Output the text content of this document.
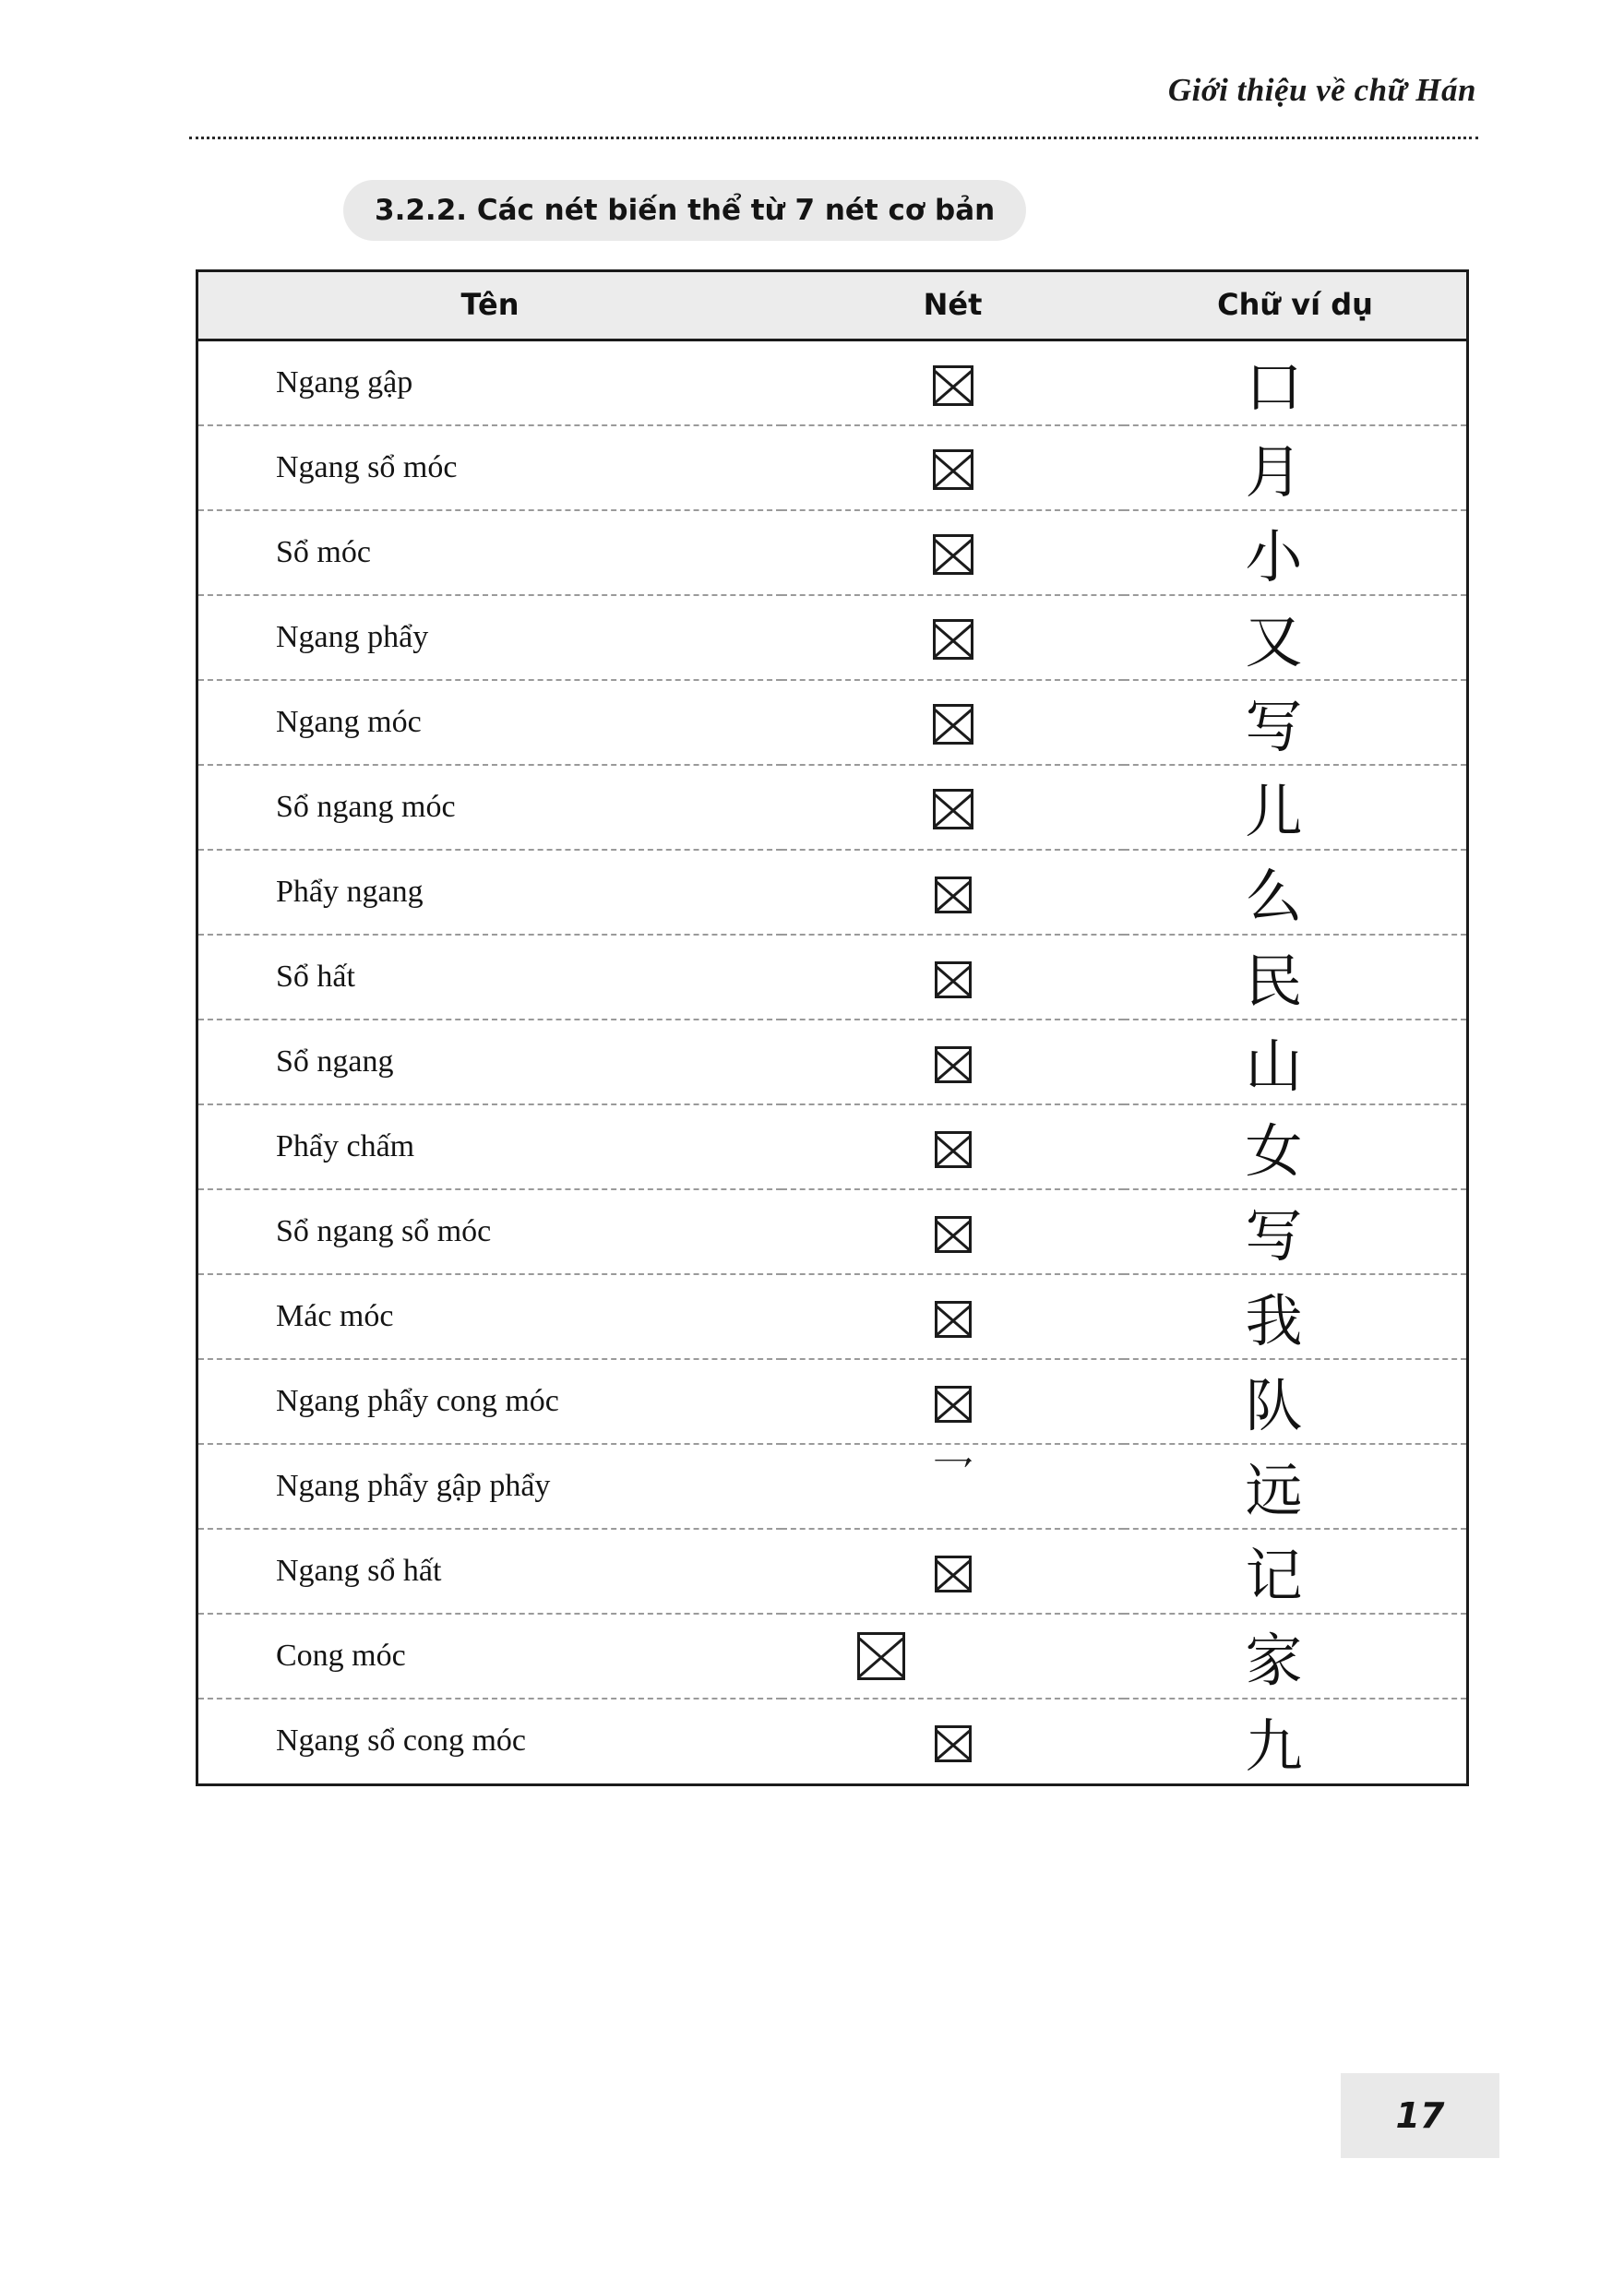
Giới thiệu về chữ Hán
3.2.2. Các nét biến thể từ 7 nét cơ bản
Tên	Nét	Chữ ví dụ
Ngang gập		口
Ngang sổ móc		月
Sổ móc		小
Ngang phẩy		又
Ngang móc		写
Sổ ngang móc		儿
Phẩy ngang		么
Sổ hất		民
Sổ ngang		山
Phẩy chấm		女
Sổ ngang sổ móc		写
Mác móc		我
Ngang phẩy cong móc		队
Ngang phẩy gập phẩy	乛	远
Ngang sổ hất		记
Cong móc		家
Ngang sổ cong móc		九
17
